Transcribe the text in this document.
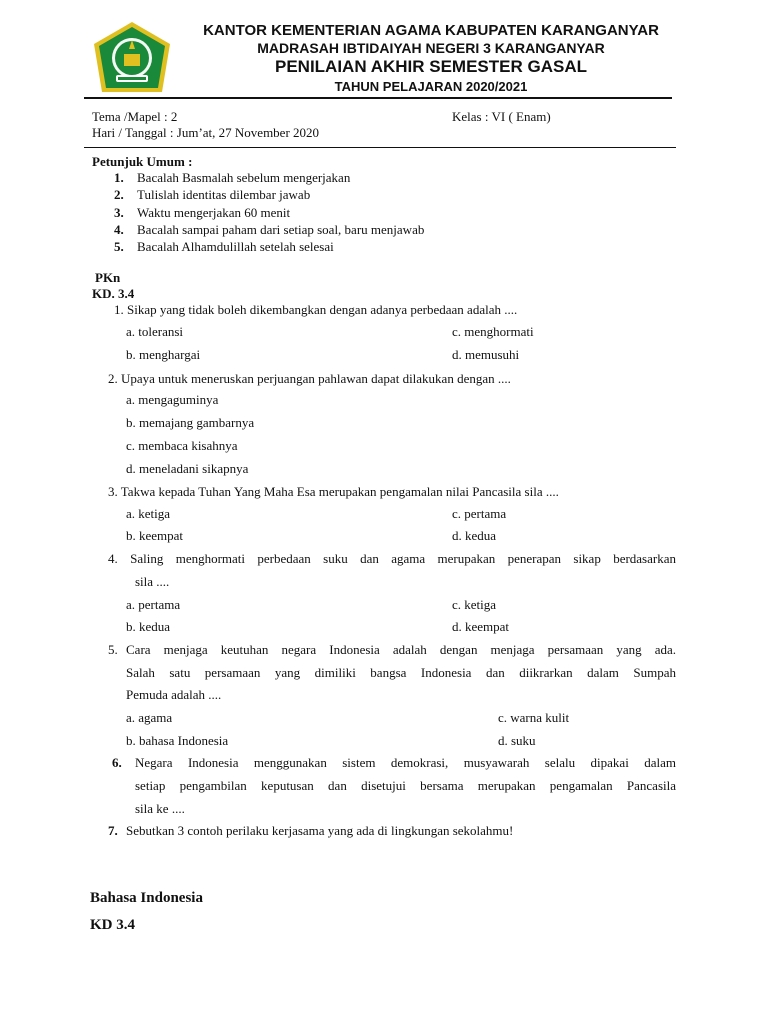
KANTOR KEMENTERIAN AGAMA KABUPATEN KARANGANYAR
MADRASAH IBTIDAIYAH NEGERI 3 KARANGANYAR
PENILAIAN AKHIR SEMESTER GASAL
TAHUN PELAJARAN 2020/2021
Tema /Mapel : 2	Kelas : VI ( Enam)
Hari / Tanggal : Jum’at, 27 November 2020
Petunjuk Umum :
1. Bacalah Basmalah sebelum mengerjakan
2. Tulislah identitas dilembar jawab
3. Waktu mengerjakan 60 menit
4. Bacalah sampai paham dari setiap soal, baru menjawab
5. Bacalah Alhamdulillah setelah selesai
PKn
KD. 3.4
1. Sikap yang tidak boleh dikembangkan dengan adanya perbedaan adalah ....
a. toleransi	c. menghormati
b. menghargai	d. memusuhi
2. Upaya untuk meneruskan perjuangan pahlawan dapat dilakukan dengan ....
a. mengaguminya
b. memajang gambarnya
c. membaca kisahnya
d. meneladani sikapnya
3. Takwa kepada Tuhan Yang Maha Esa merupakan pengamalan nilai Pancasila sila ....
a. ketiga	c. pertama
b. keempat	d. kedua
4. Saling menghormati perbedaan suku dan agama merupakan penerapan sikap berdasarkan
sila ....
a. pertama	c. ketiga
b. kedua	d. keempat
5. Cara menjaga keutuhan negara Indonesia adalah dengan menjaga persamaan yang ada.
Salah satu persamaan yang dimiliki bangsa Indonesia dan diikrarkan dalam Sumpah
Pemuda adalah ....
a. agama	c. warna kulit
b. bahasa Indonesia	d. suku
6. Negara Indonesia menggunakan sistem demokrasi, musyawarah selalu dipakai dalam
setiap pengambilan keputusan dan disetujui bersama merupakan pengamalan Pancasila
sila ke ....
7. Sebutkan 3 contoh perilaku kerjasama yang ada di lingkungan sekolahmu!
Bahasa Indonesia
KD 3.4
